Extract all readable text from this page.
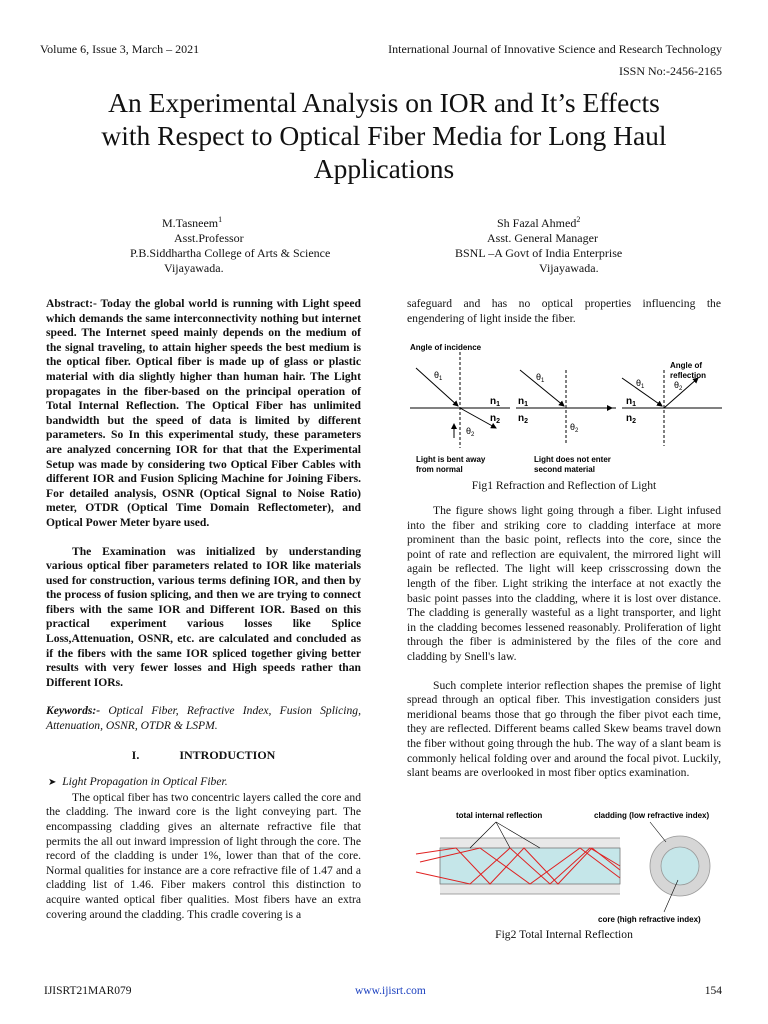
Volume 6, Issue 3, March – 2021	International Journal of Innovative Science and Research Technology
ISSN No:-2456-2165
An Experimental Analysis on IOR and It’s Effects
with Respect to Optical Fiber Media for Long Haul
Applications
M.Tasneem$^1$
Asst.Professor
P.B.Siddhartha College of Arts & Science
Vijayawada.
Sh Fazal Ahmed$^2$
Asst. General Manager
BSNL –A Govt of India Enterprise
Vijayawada.

Abstract:- Today the global world is running with Light speed which demands the same interconnectivity nothing but internet speed. The Internet speed mainly depends on the medium of the signal traveling, to attain higher speeds the best medium is the optical fiber. Optical fiber is made up of glass or plastic material with dia slightly higher than human hair. The Light propagates in the fiber-based on the principal operation of Total Internal Reflection. The Optical Fiber has unlimited bandwidth but the speed of data is limited by different parameters. So In this experimental study, these parameters are analyzed concerning IOR for that that the Experimental Setup was made by considering two Optical Fiber Cables with different IOR and Fusion Splicing Machine for Joining Fibers. For detailed analysis, OSNR (Optical Signal to Noise Ratio) meter, OTDR (Optical Time Domain Reflectometer), and Optical Power Meter byare used.

The Examination was initialized by understanding various optical fiber parameters related to IOR like materials used for construction, various terms defining IOR, and then by the process of fusion splicing, and then we are trying to connect fibers with the same IOR and Different IOR. Based on this practical experiment various losses like Splice Loss,Attenuation, OSNR, etc. are calculated and concluded as if the fibers with the same IOR spliced together giving better results with very fewer losses and High speeds rather than Different IORs.

Keywords:- Optical Fiber, Refractive Index, Fusion Splicing, Attenuation, OSNR, OTDR & LSPM.

I.	INTRODUCTION
➤ Light Propagation in Optical Fiber.

The optical fiber has two concentric layers called the core and the cladding. The inward core is the light conveying part. The encompassing cladding gives an alternate refractive file that permits the all out inward impression of light through the core. The record of the cladding is under 1%, lower than that of the core. Normal qualities for instance are a core refractive file of 1.47 and a cladding list of 1.46. Fiber makers control this distinction to acquire wanted optical fiber qualities. Most fibers have an extra covering around the cladding. This cradle covering is a

safeguard and has no optical properties influencing the engendering of light inside the fiber.

Angle of incidence
$\theta_1$
$\theta_2$
$n_1$
$n_2$
$\theta_1$
$\theta_2$
$n_1$
$n_2$
Angle of
reflection
$\theta_1$	$\theta_2$
$n_1$
$n_2$
Light is bent away
from normal
Light does not enter
second material
Fig1 Refraction and Reflection of Light

The figure shows light going through a fiber. Light infused into the fiber and striking core to cladding interface at more prominent than the basic point, reflects into the core, since the point of rate and reflection are equivalent, the mirrored light will again be reflected. The light will keep crisscrossing down the length of the fiber. Light striking the interface at not exactly the basic point passes into the cladding, where it is lost over distance. The cladding is generally wasteful as a light transporter, and light in the cladding becomes lessened reasonably. Proliferation of light through the fiber is administered by the files of the core and cladding by Snell's law.

Such complete interior reflection shapes the premise of light spread through an optical fiber. This investigation considers just meridional beams those that go through the fiber pivot each time, they are reflected. Different beams called Skew beams travel down the fiber without going through the hub. The way of a slant beam is commonly helical folding over and around the focal pivot. Luckily, slant beams are overlooked in most fiber optics examination.

total internal reflection	cladding (low refractive index)
core (high refractive index)
Fig2 Total Internal Reflection
IJISRT21MAR079	www.ijisrt.com	154
